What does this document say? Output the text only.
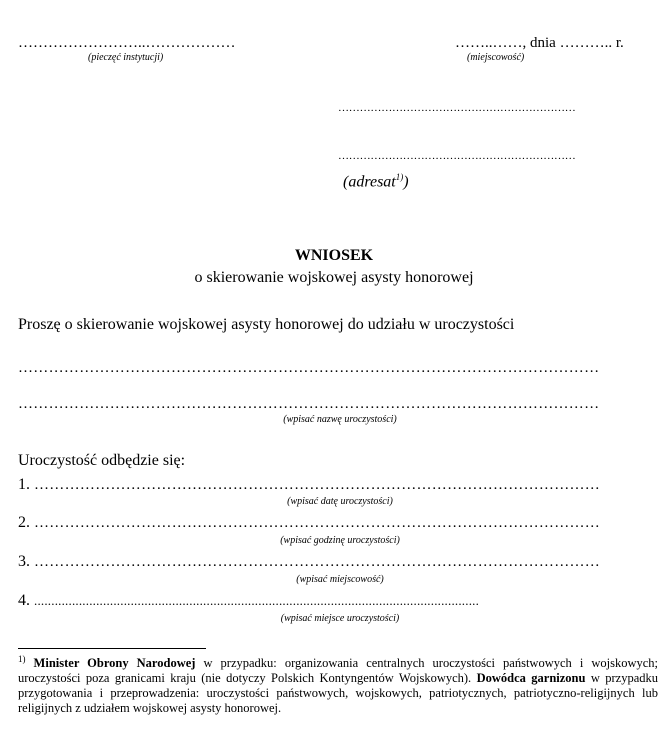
……………………..………………
(pieczęć instytucji)
……..……, dnia ……….. r.
(miejscowość)
…………………………………………………………
…………………………………………………………
(adresat$^{1)}$)
WNIOSEK
o skierowanie wojskowej asysty honorowej
Proszę o skierowanie wojskowej asysty honorowej do udziału w uroczystości
……………………………………………………………………………………………………
……………………………………………………………………………………………………
(wpisać nazwę uroczystości)
Uroczystość odbędzie się:
1. …………………………………………………………………………………………………
(wpisać datę uroczystości)
2. …………………………………………………………………………………………………
(wpisać godzinę uroczystości)
3. …………………………………………………………………………………………………
(wpisać miejscowość)
4. .................................................................................................................................
(wpisać miejsce uroczystości)
$^{1)}$ Minister Obrony Narodowej w przypadku: organizowania centralnych uroczystości państwowych i wojskowych; uroczystości poza granicami kraju (nie dotyczy Polskich Kontyngentów Wojskowych). Dowódca garnizonu w przypadku przygotowania i przeprowadzenia: uroczystości państwowych, wojskowych, patriotycznych, patriotyczno-religijnych lub religijnych z udziałem wojskowej asysty honorowej.
